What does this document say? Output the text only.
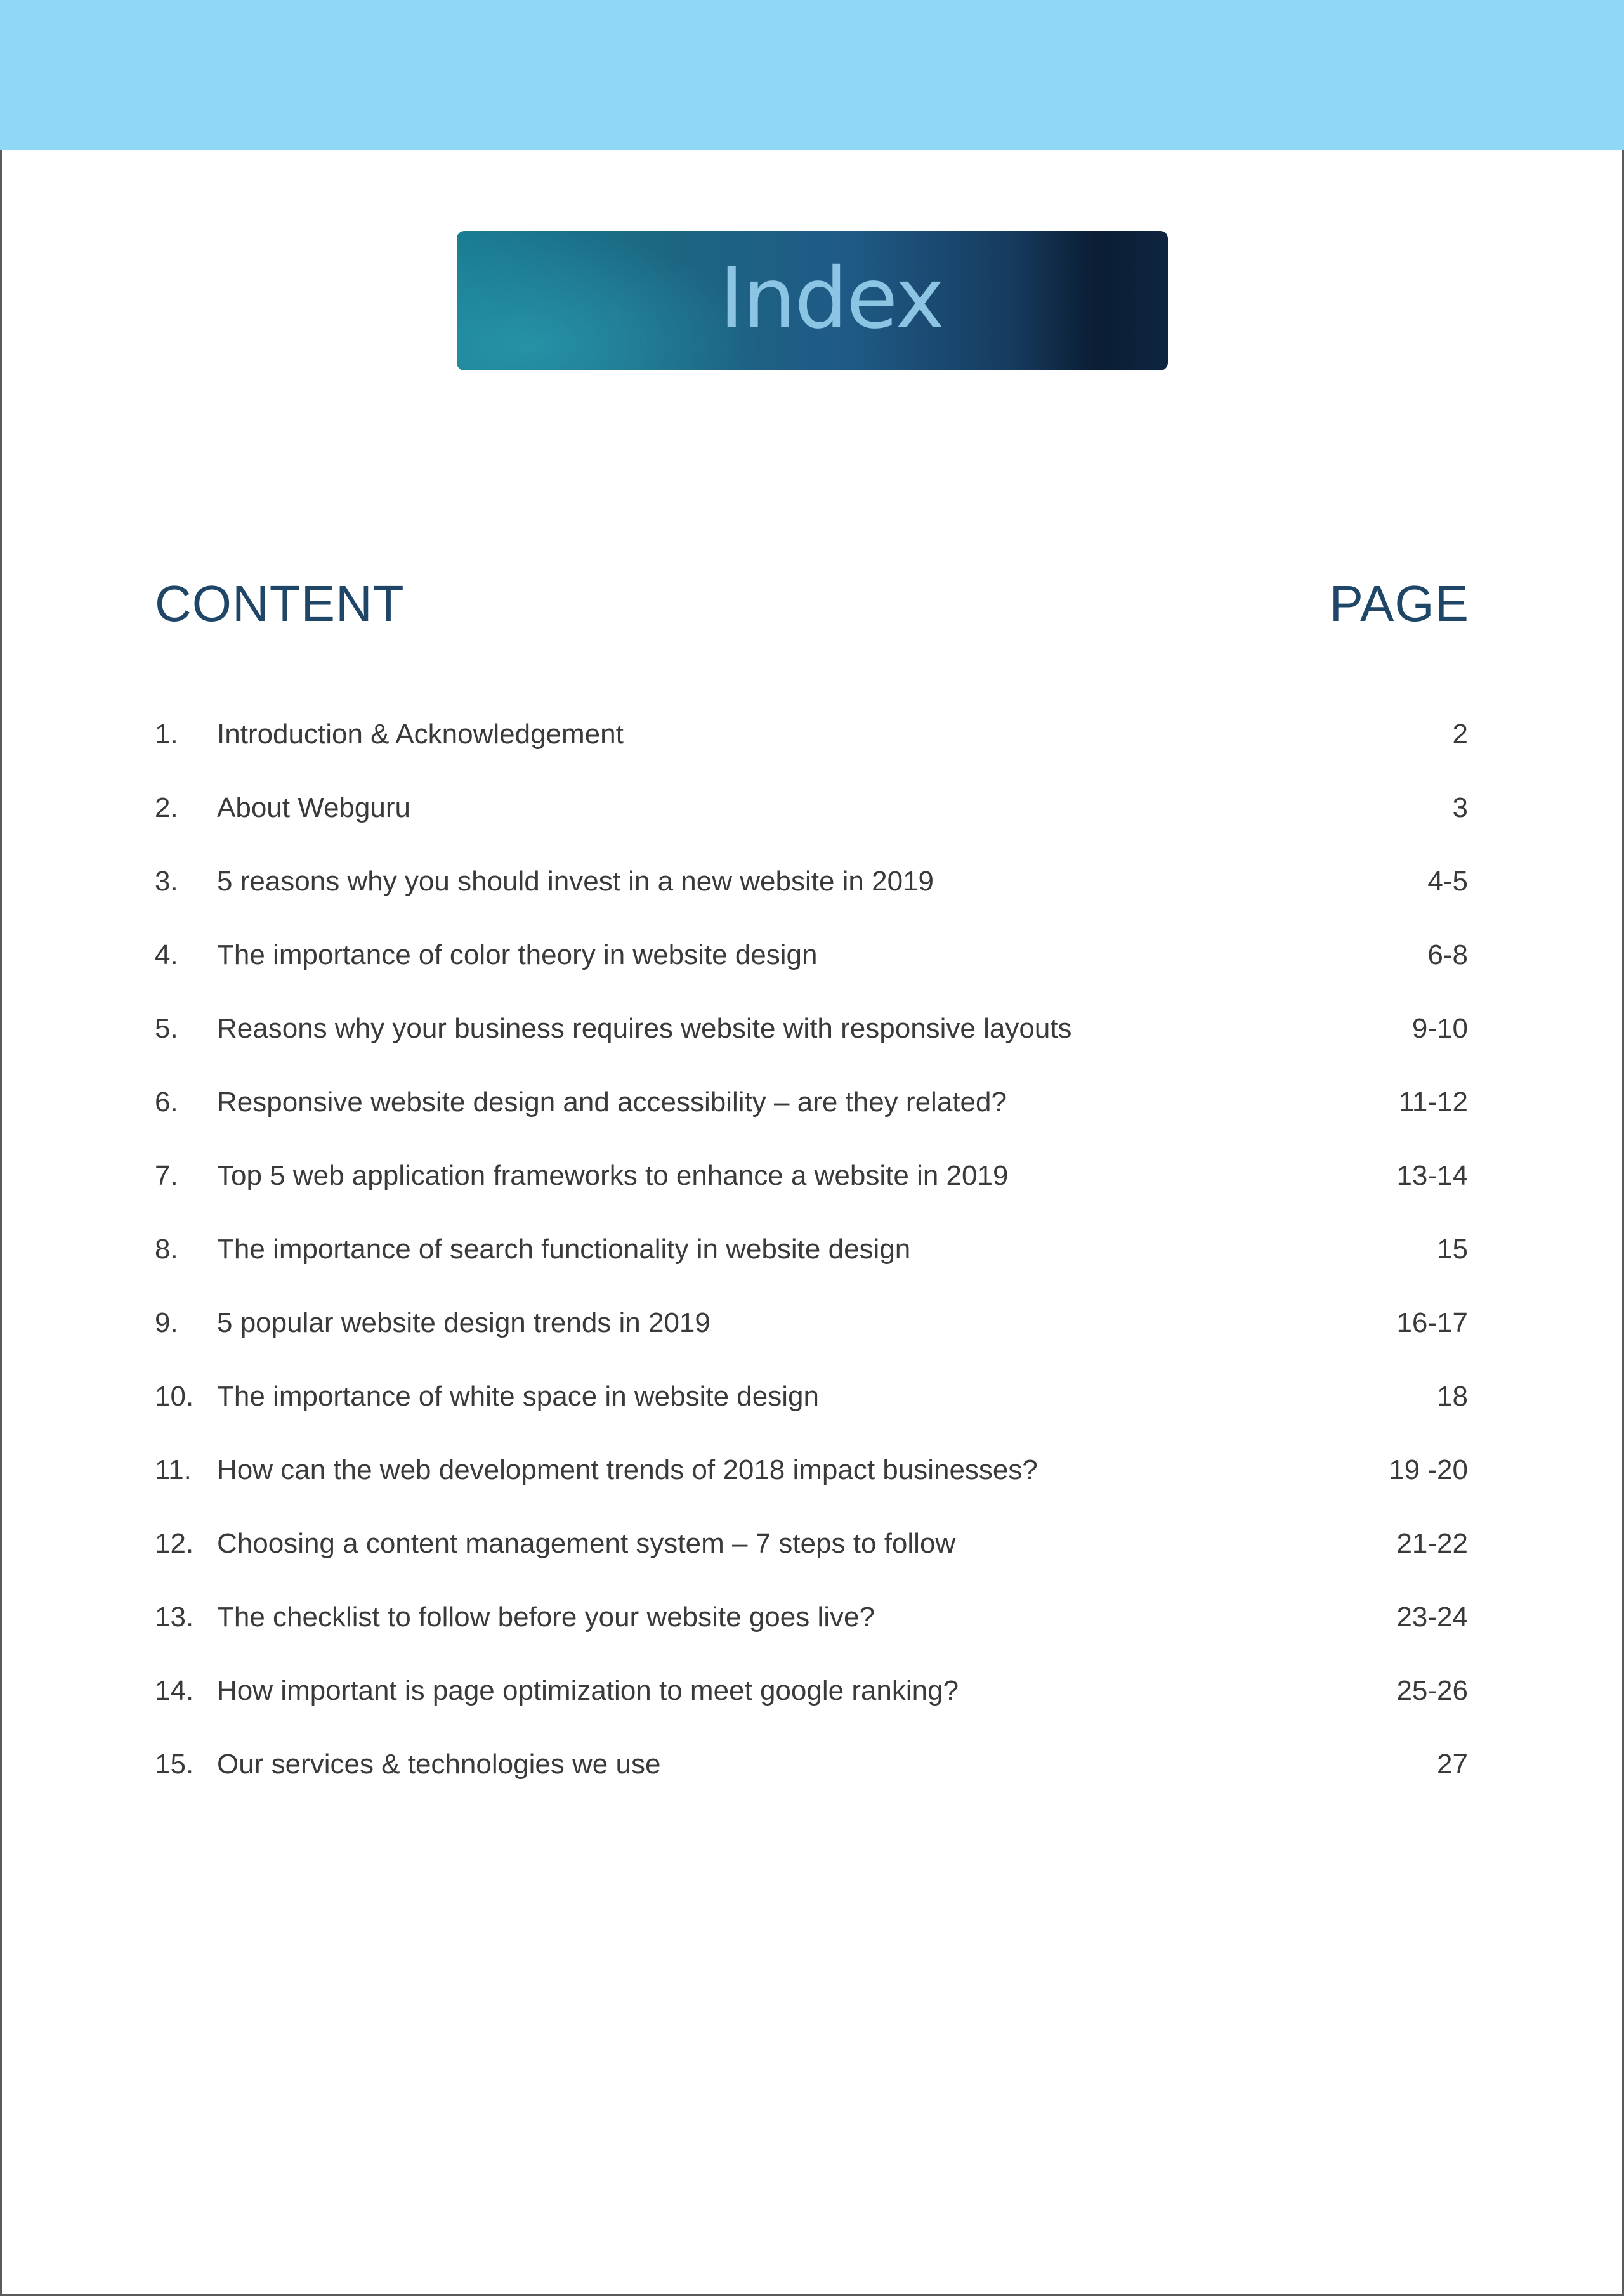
Index
CONTENT	PAGE
1. Introduction & Acknowledgement	2
2. About Webguru	3
3. 5 reasons why you should invest in a new website in 2019	4-5
4. The importance of color theory in website design	6-8
5. Reasons why your business requires website with responsive layouts	9-10
6. Responsive website design and accessibility – are they related?	11-12
7. Top 5 web application frameworks to enhance a website in 2019	13-14
8. The importance of search functionality in website design	15
9. 5 popular website design trends in 2019	16-17
10. The importance of white space in website design	18
11. How can the web development trends of 2018 impact businesses?	19 -20
12. Choosing a content management system – 7 steps to follow	21-22
13. The checklist to follow before your website goes live?	23-24
14. How important is page optimization to meet google ranking?	25-26
15. Our services & technologies we use	27
